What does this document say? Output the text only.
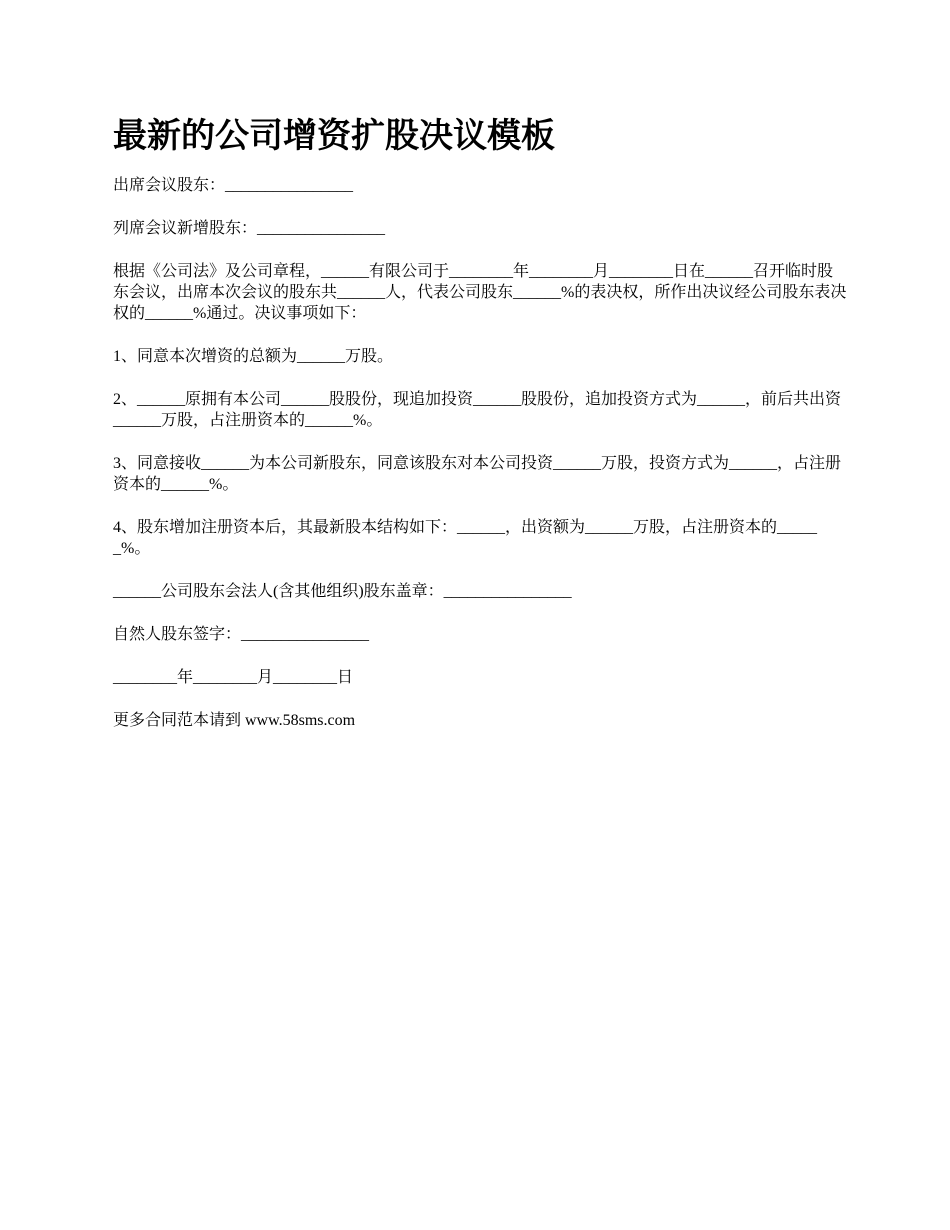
最新的公司增资扩股决议模板

出席会议股东：________________

列席会议新增股东：________________

根据《公司法》及公司章程，______有限公司于________年________月________日在______召开临时股东会议，出席本次会议的股东共______人，代表公司股东______%的表决权，所作出决议经公司股东表决权的______%通过。决议事项如下：

1、同意本次增资的总额为______万股。

2、______原拥有本公司______股股份，现追加投资______股股份，追加投资方式为______，前后共出资______万股，占注册资本的______%。

3、同意接收______为本公司新股东，同意该股东对本公司投资______万股，投资方式为______，占注册资本的______%。

4、股东增加注册资本后，其最新股本结构如下：______，出资额为______万股，占注册资本的______%。

______公司股东会法人(含其他组织)股东盖章：________________

自然人股东签字：________________

________年________月________日

更多合同范本请到 www.58sms.com
